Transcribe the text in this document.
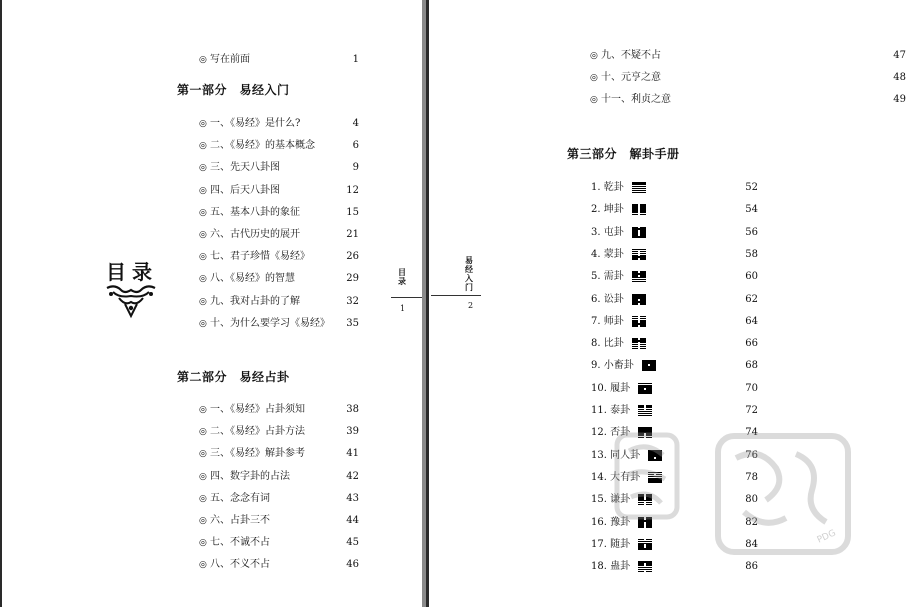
◎ 写在前面	1
第一部分　易经入门
◎ 一、《易经》是什么?	4
◎ 二、《易经》的基本概念	6
◎ 三、先天八卦图	9
◎ 四、后天八卦图	12
◎ 五、基本八卦的象征	15
◎ 六、古代历史的展开	21
◎ 七、君子珍惜《易经》	26
◎ 八、《易经》的智慧	29
◎ 九、我对占卦的了解	32
◎ 十、为什么要学习《易经》	35
第二部分　易经占卦
◎ 一、《易经》占卦须知	38
◎ 二、《易经》占卦方法	39
◎ 三、《易经》解卦参考	41
◎ 四、数字卦的占法	42
◎ 五、念念有词	43
◎ 六、占卦三不	44
◎ 七、不诚不占	45
◎ 八、不义不占	46
目录	目录
1
◎ 九、不疑不占	47
◎ 十、元亨之意	48
◎ 十一、利贞之意	49
第三部分　解卦手册
1. 乾卦	52
2. 坤卦	54
3. 屯卦	56
4. 蒙卦	58
5. 需卦	60
6. 讼卦	62
7. 师卦	64
8. 比卦	66
9. 小畜卦	68
10. 履卦	70
11. 泰卦	72
12. 否卦	74
13. 同人卦	76
14. 大有卦	78
15. 谦卦	80
16. 豫卦	82
17. 随卦	84
18. 蛊卦	86
易经入门
2
PDG
